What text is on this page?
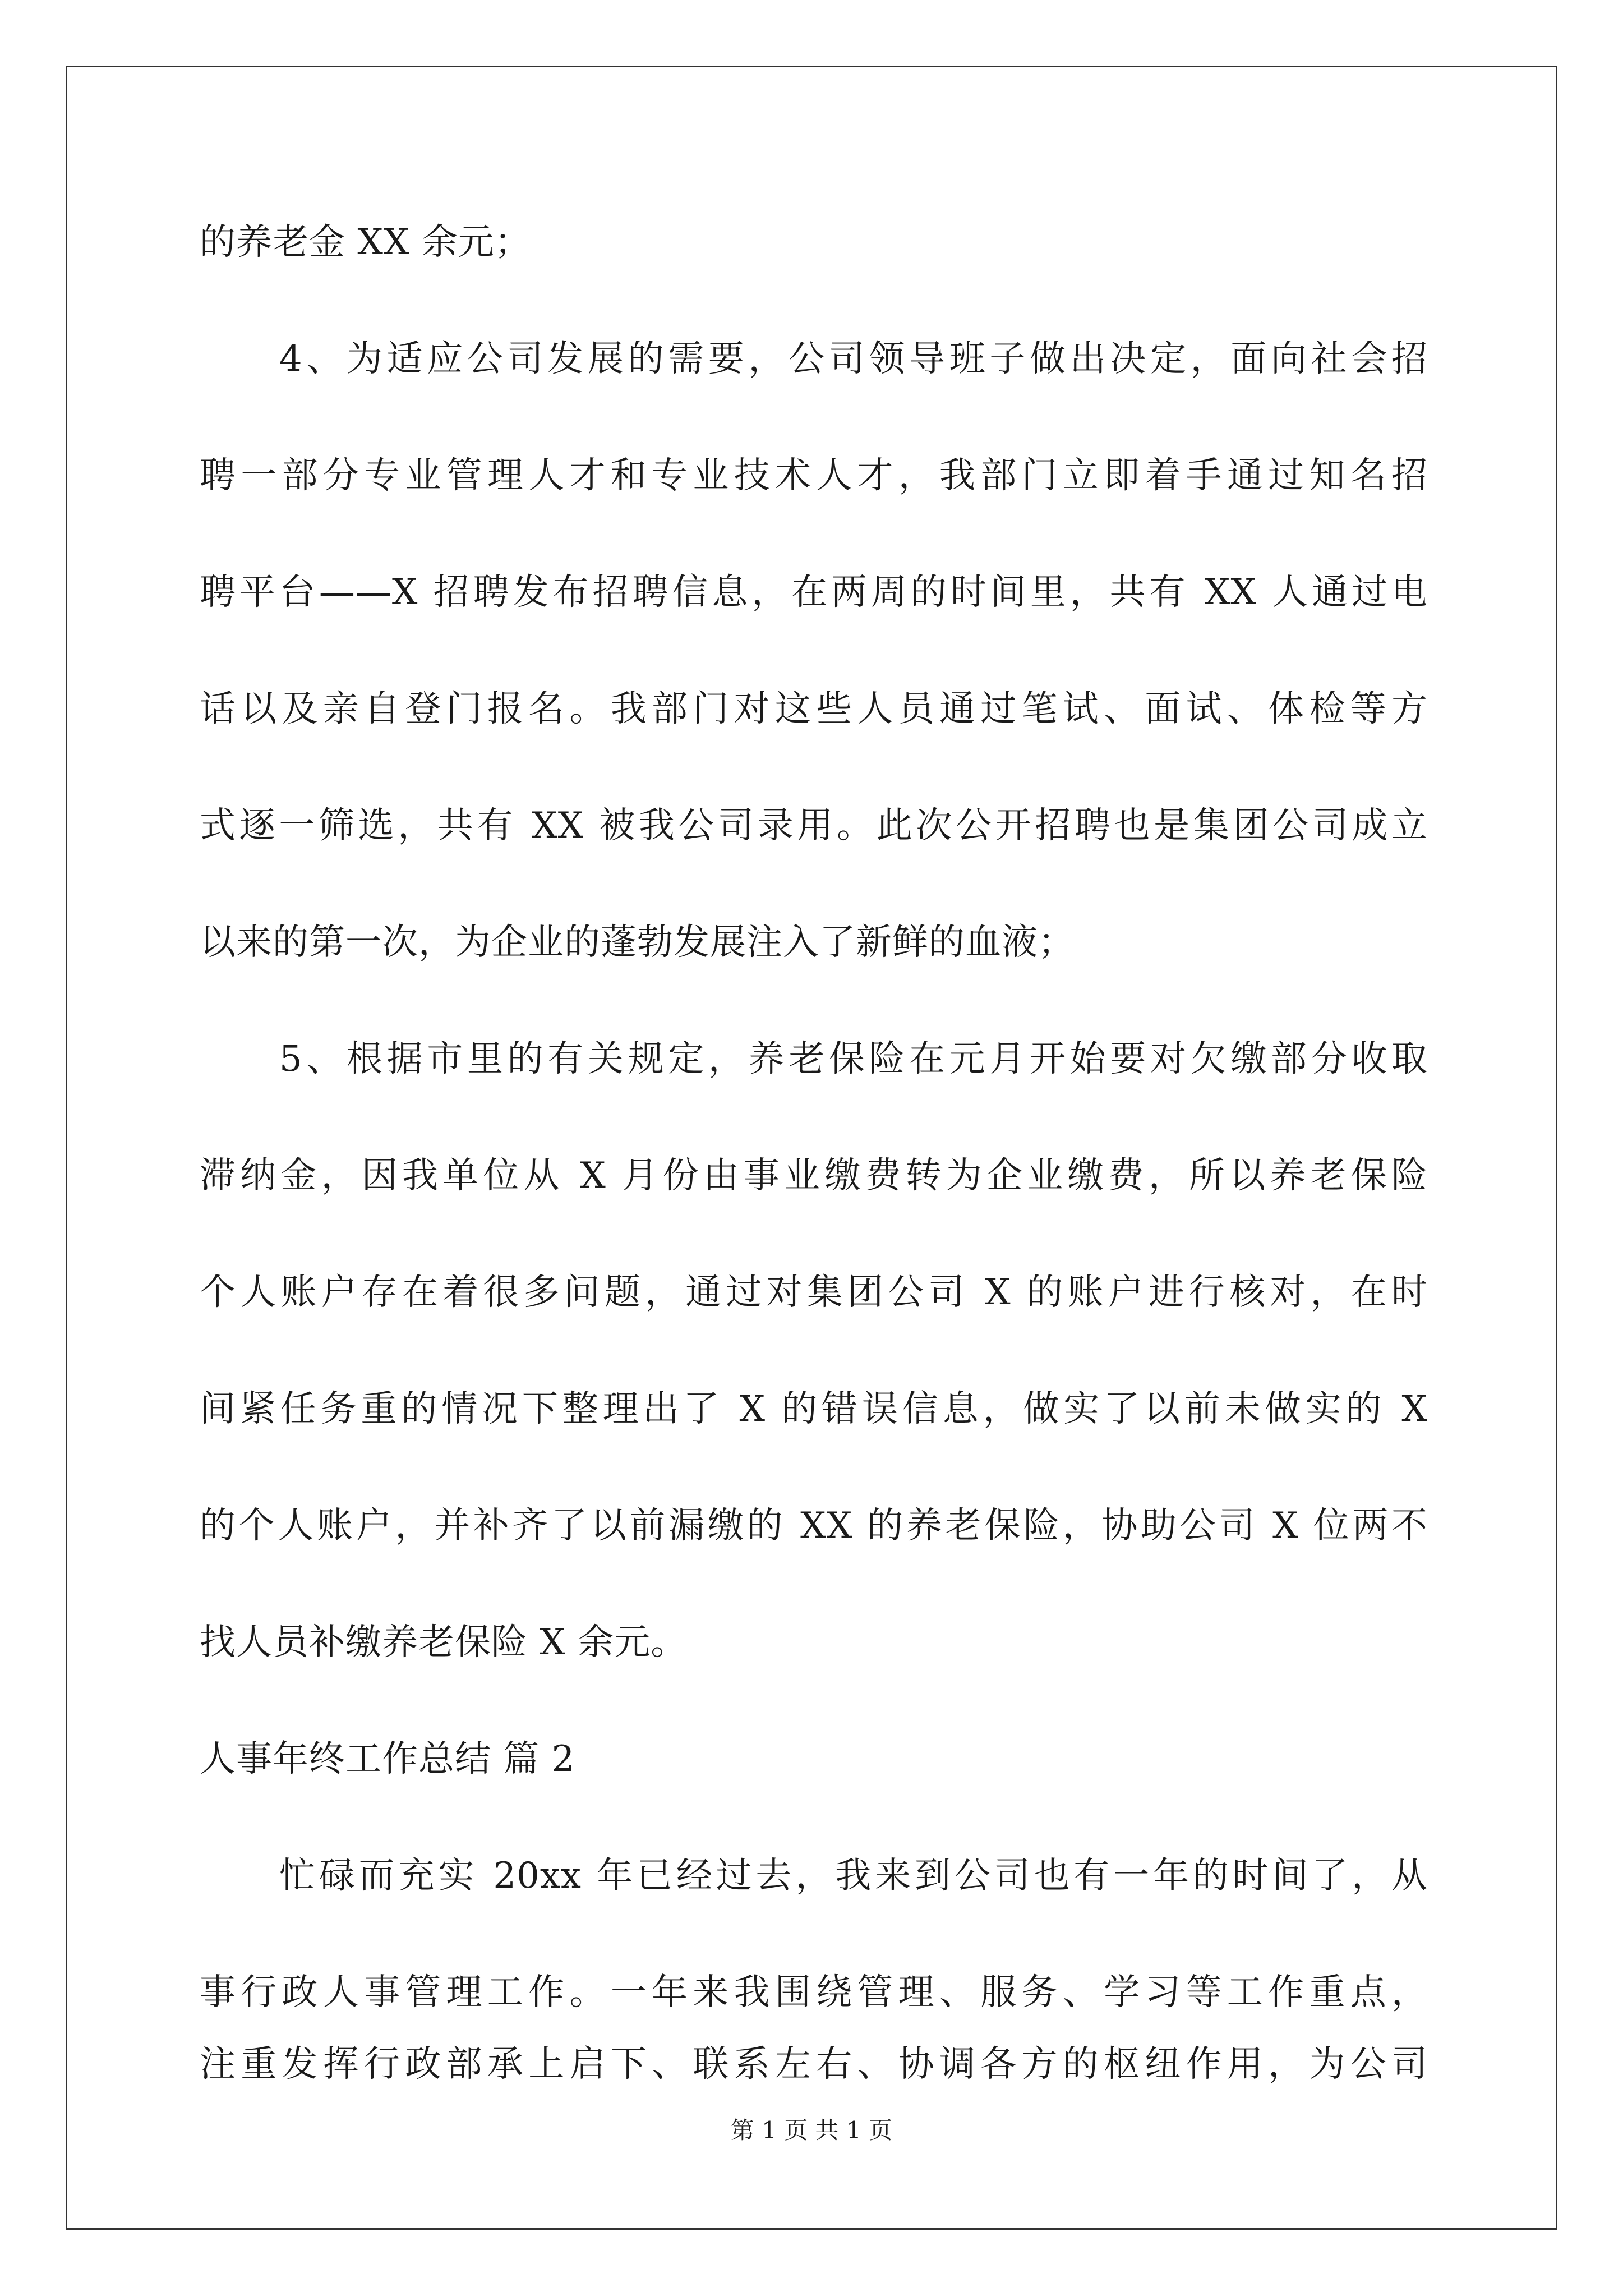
的养老金 XX 余元；
4、为适应公司发展的需要，公司领导班子做出决定，面向社会招
聘一部分专业管理人才和专业技术人才，我部门立即着手通过知名招
聘平台——X 招聘发布招聘信息，在两周的时间里，共有 XX 人通过电
话以及亲自登门报名。我部门对这些人员通过笔试、面试、体检等方
式逐一筛选，共有 XX 被我公司录用。此次公开招聘也是集团公司成立
以来的第一次，为企业的蓬勃发展注入了新鲜的血液；
5、根据市里的有关规定，养老保险在元月开始要对欠缴部分收取
滞纳金，因我单位从 X 月份由事业缴费转为企业缴费，所以养老保险
个人账户存在着很多问题，通过对集团公司 X 的账户进行核对，在时
间紧任务重的情况下整理出了 X 的错误信息，做实了以前未做实的 X
的个人账户，并补齐了以前漏缴的 XX 的养老保险，协助公司 X 位两不
找人员补缴养老保险 X 余元。
人事年终工作总结 篇 2
忙碌而充实 20xx 年已经过去，我来到公司也有一年的时间了，从
事行政人事管理工作。一年来我围绕管理、服务、学习等工作重点，
注重发挥行政部承上启下、联系左右、协调各方的枢纽作用，为公司
第 1 页 共 1 页
